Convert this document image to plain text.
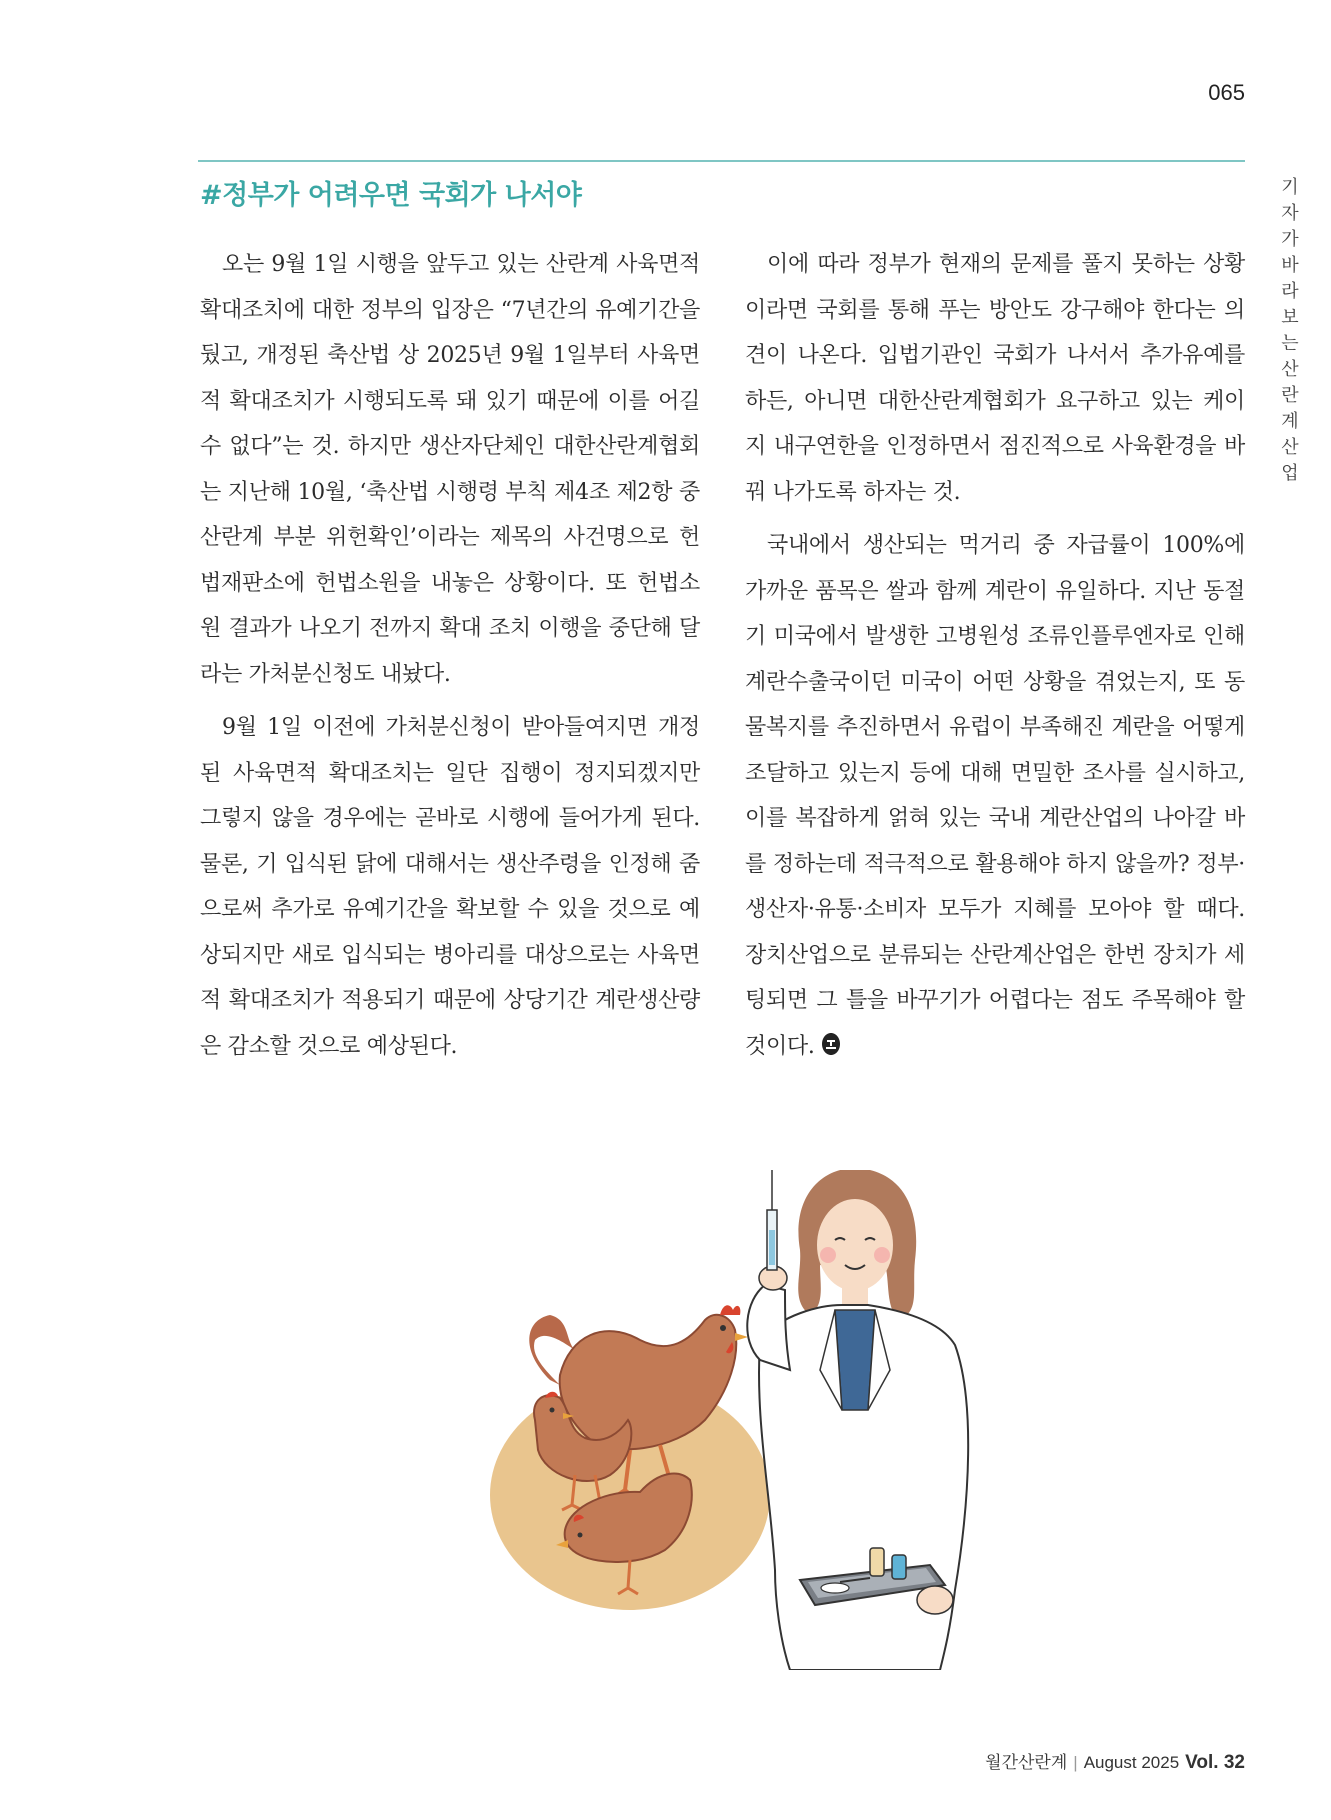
065
#정부가 어려우면 국회가 나서야	기자가 바라보는 산란계산업

오는 9월 1일 시행을 앞두고 있는 산란계 사육면적 확대조치에 대한 정부의 입장은 “7년간의 유예기간을 뒀고, 개정된 축산법 상 2025년 9월 1일부터 사육면적 확대조치가 시행되도록 돼 있기 때문에 이를 어길 수 없다”는 것. 하지만 생산자단체인 대한산란계협회는 지난해 10월, ‘축산법 시행령 부칙 제4조 제2항 중 산란계 부분 위헌확인’이라는 제목의 사건명으로 헌법재판소에 헌법소원을 내놓은 상황이다. 또 헌법소원 결과가 나오기 전까지 확대 조치 이행을 중단해 달라는 가처분신청도 내놨다.

9월 1일 이전에 가처분신청이 받아들여지면 개정된 사육면적 확대조치는 일단 집행이 정지되겠지만 그렇지 않을 경우에는 곧바로 시행에 들어가게 된다. 물론, 기 입식된 닭에 대해서는 생산주령을 인정해 줌으로써 추가로 유예기간을 확보할 수 있을 것으로 예상되지만 새로 입식되는 병아리를 대상으로는 사육면적 확대조치가 적용되기 때문에 상당기간 계란생산량은 감소할 것으로 예상된다.

이에 따라 정부가 현재의 문제를 풀지 못하는 상황이라면 국회를 통해 푸는 방안도 강구해야 한다는 의견이 나온다. 입법기관인 국회가 나서서 추가유예를 하든, 아니면 대한산란계협회가 요구하고 있는 케이지 내구연한을 인정하면서 점진적으로 사육환경을 바꿔 나가도록 하자는 것.

국내에서 생산되는 먹거리 중 자급률이 100%에 가까운 품목은 쌀과 함께 계란이 유일하다. 지난 동절기 미국에서 발생한 고병원성 조류인플루엔자로 인해 계란수출국이던 미국이 어떤 상황을 겪었는지, 또 동물복지를 추진하면서 유럽이 부족해진 계란을 어떻게 조달하고 있는지 등에 대해 면밀한 조사를 실시하고, 이를 복잡하게 얽혀 있는 국내 계란산업의 나아갈 바를 정하는데 적극적으로 활용해야 하지 않을까? 정부·생산자·유통·소비자 모두가 지혜를 모아야 할 때다. 장치산업으로 분류되는 산란계산업은 한번 장치가 세팅되면 그 틀을 바꾸기가 어렵다는 점도 주목해야 할 것이다.

월간산란계 | August 2025 Vol. 32
